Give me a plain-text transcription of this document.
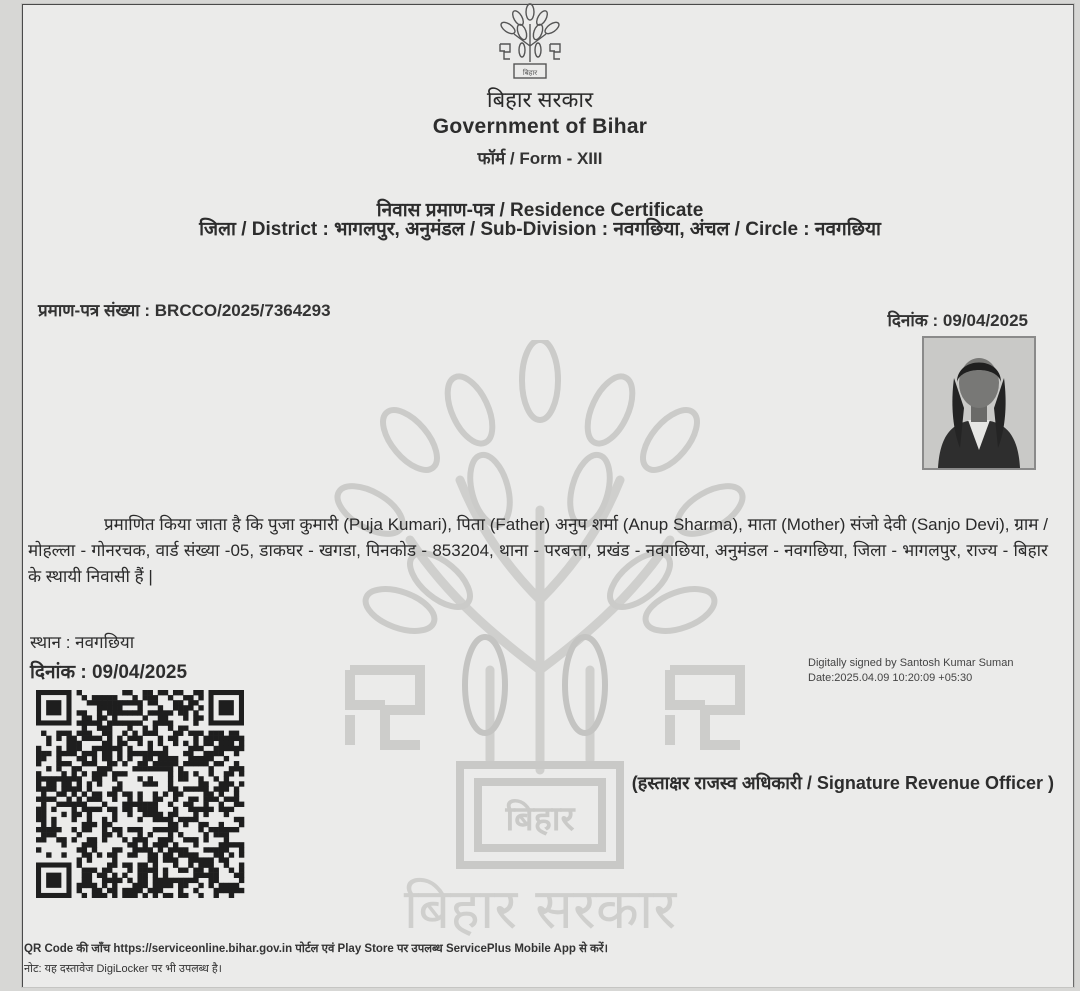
बिहार
बिहार सरकार
बिहार
बिहार सरकार
Government of Bihar
फॉर्म / Form - XIII
निवास प्रमाण-पत्र / Residence Certificate
जिला / District : भागलपुर, अनुमंडल / Sub-Division : नवगछिया, अंचल / Circle : नवगछिया
प्रमाण-पत्र संख्या : BRCCO/2025/7364293
दिनांक : 09/04/2025
प्रमाणित किया जाता है कि पुजा कुमारी (Puja Kumari), पिता (Father) अनुप शर्मा (Anup Sharma), माता (Mother) संजो देवी (Sanjo Devi), ग्राम / मोहल्ला - गोनरचक, वार्ड संख्या -05, डाकघर - खगडा, पिनकोड - 853204, थाना - परबत्ता, प्रखंड - नवगछिया, अनुमंडल - नवगछिया, जिला - भागलपुर, राज्य - बिहार के स्थायी निवासी हैं |
स्थान : नवगछिया
दिनांक : 09/04/2025	Digitally signed by Santosh Kumar Suman
Date:2025.04.09 10:20:09 +05:30
(हस्ताक्षर राजस्व अधिकारी / Signature Revenue Officer )
QR Code की जाँच https://serviceonline.bihar.gov.in पोर्टल एवं Play Store पर उपलब्ध ServicePlus Mobile App से करें।
नोट: यह दस्तावेज DigiLocker पर भी उपलब्ध है।
